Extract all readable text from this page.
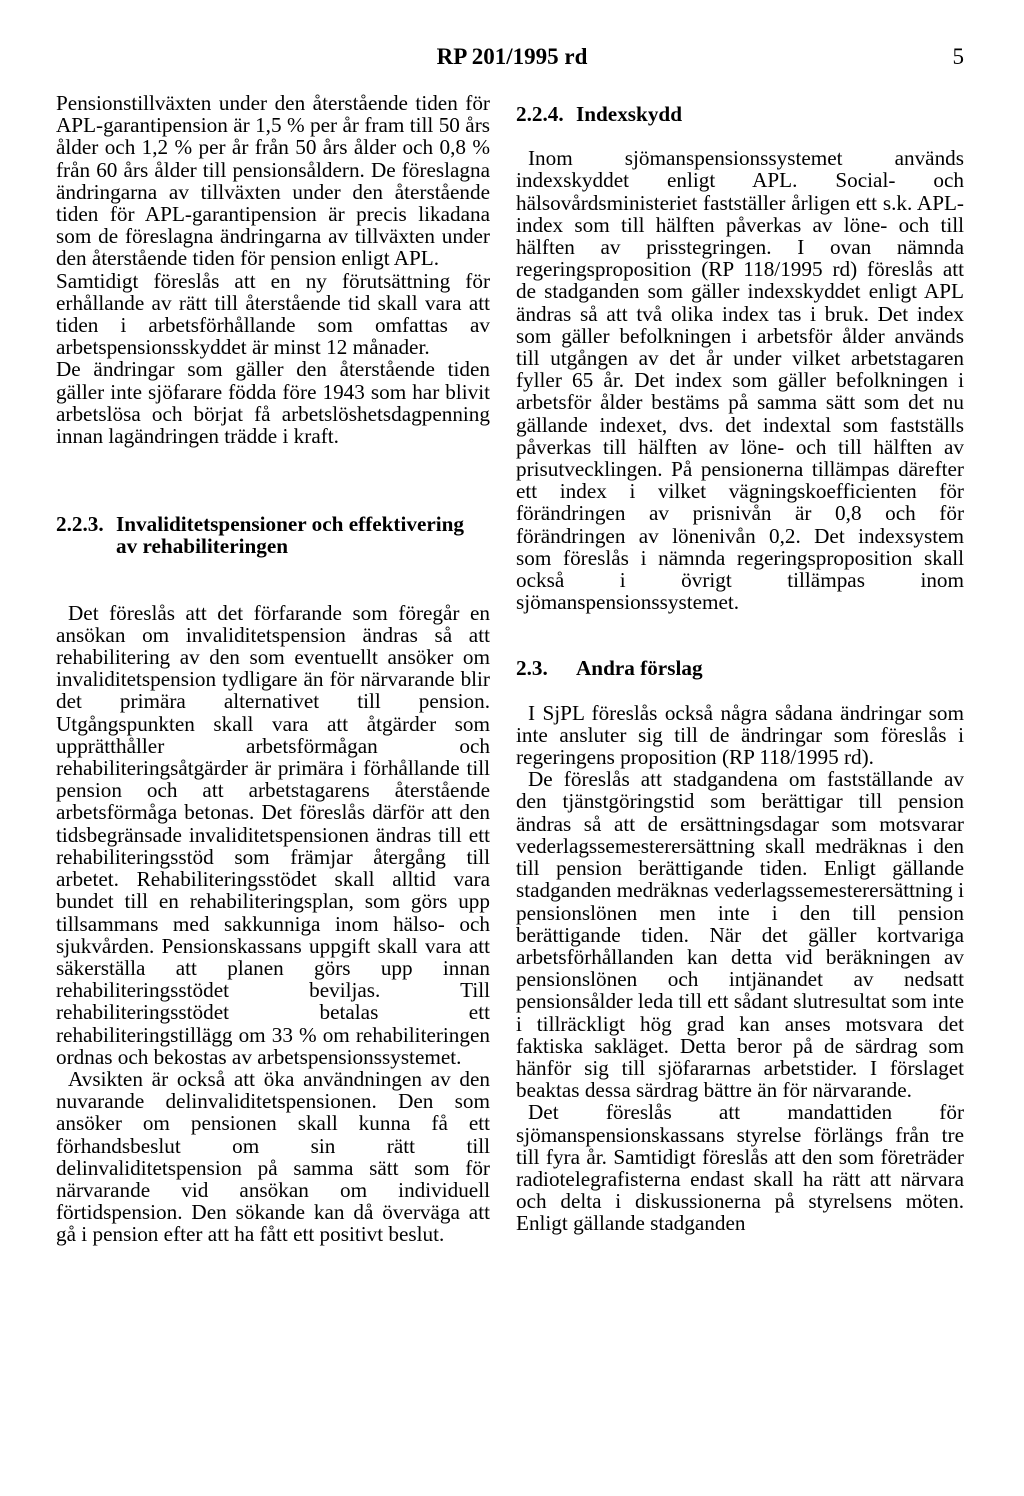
RP 201/1995 rd	5

Pensionstillväxten under den återstående tiden för APL-garantipension är 1,5 % per år fram till 50 års ålder och 1,2 % per år från 50 års ålder och 0,8 % från 60 års ålder till pensionsåldern. De föreslagna ändringarna av tillväxten under den återstående tiden för APL-garantipension är precis likadana som de föreslagna ändringarna av tillväxten under den återstående tiden för pension enligt APL.

Samtidigt föreslås att en ny förutsättning för erhållande av rätt till återstående tid skall vara att tiden i arbetsförhållande som omfattas av arbetspensionsskyddet är minst 12 månader.

De ändringar som gäller den återstående tiden gäller inte sjöfarare födda före 1943 som har blivit arbetslösa och börjat få arbetslöshetsdagpenning innan lagändringen trädde i kraft.

2.2.3. Invaliditetspensioner och effektivering av rehabiliteringen

Det föreslås att det förfarande som föregår en ansökan om invaliditetspension ändras så att rehabilitering av den som eventuellt ansöker om invaliditetspension tydligare än för närvarande blir det primära alternativet till pension. Utgångspunkten skall vara att åtgärder som upprätthåller arbetsförmågan och rehabiliteringsåtgärder är primära i förhållande till pension och att arbetstagarens återstående arbetsförmåga betonas. Det föreslås därför att den tidsbegränsade invaliditetspensionen ändras till ett rehabiliteringsstöd som främjar återgång till arbetet. Rehabiliteringsstödet skall alltid vara bundet till en rehabiliteringsplan, som görs upp tillsammans med sakkunniga inom hälso- och sjukvården. Pensionskassans uppgift skall vara att säkerställa att planen görs upp innan rehabiliteringsstödet beviljas. Till rehabiliteringsstödet betalas ett rehabiliteringstillägg om 33 % om rehabiliteringen ordnas och bekostas av arbetspensionssystemet.

Avsikten är också att öka användningen av den nuvarande delinvaliditetspensionen. Den som ansöker om pensionen skall kunna få ett förhandsbeslut om sin rätt till delinvaliditetspension på samma sätt som för närvarande vid ansökan om individuell förtidspension. Den sökande kan då överväga att gå i pension efter att ha fått ett positivt beslut.

2.2.4. Indexskydd

Inom sjömanspensionssystemet används indexskyddet enligt APL. Social- och hälsovårdsministeriet fastställer årligen ett s.k. APL-index som till hälften påverkas av löne- och till hälften av prisstegringen. I ovan nämnda regeringsproposition (RP 118/1995 rd) föreslås att de stadganden som gäller indexskyddet enligt APL ändras så att två olika index tas i bruk. Det index som gäller befolkningen i arbetsför ålder används till utgången av det år under vilket arbetstagaren fyller 65 år. Det index som gäller befolkningen i arbetsför ålder bestäms på samma sätt som det nu gällande indexet, dvs. det indextal som fastställs påverkas till hälften av löne- och till hälften av prisutvecklingen. På pensionerna tillämpas därefter ett index i vilket vägningskoefficienten för förändringen av prisnivån är 0,8 och för förändringen av lönenivån 0,2. Det indexsystem som föreslås i nämnda regeringsproposition skall också i övrigt tillämpas inom sjömanspensionssystemet.

2.3.	Andra förslag

I SjPL föreslås också några sådana ändringar som inte ansluter sig till de ändringar som föreslås i regeringens proposition (RP 118/1995 rd).

De föreslås att stadgandena om fastställande av den tjänstgöringstid som berättigar till pension ändras så att de ersättningsdagar som motsvarar vederlagssemesterersättning skall medräknas i den till pension berättigande tiden. Enligt gällande stadganden medräknas vederlagssemesterersättning i pensionslönen men inte i den till pension berättigande tiden. När det gäller kortvariga arbetsförhållanden kan detta vid beräkningen av pensionslönen och intjänandet av nedsatt pensionsålder leda till ett sådant slutresultat som inte i tillräckligt hög grad kan anses motsvara det faktiska sakläget. Detta beror på de särdrag som hänför sig till sjöfararnas arbetstider. I förslaget beaktas dessa särdrag bättre än för närvarande.

Det föreslås att mandattiden för sjömanspensionskassans styrelse förlängs från tre till fyra år. Samtidigt föreslås att den som företräder radiotelegrafisterna endast skall ha rätt att närvara och delta i diskussionerna på styrelsens möten. Enligt gällande stadganden
